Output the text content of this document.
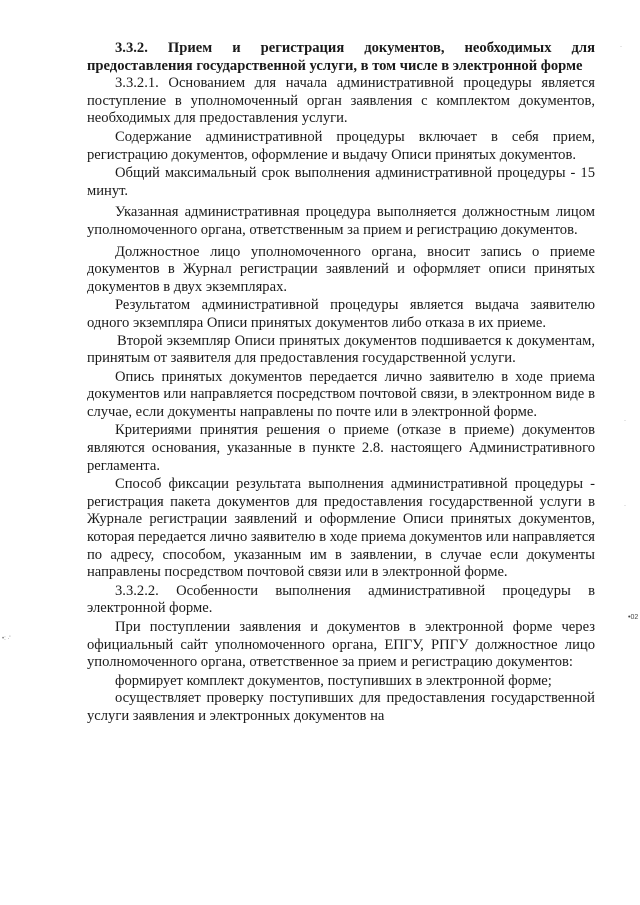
3.3.2. Прием и регистрация документов, необходимых для предоставления государственной услуги, в том числе в электронной форме

3.3.2.1. Основанием для начала административной процедуры является поступление в уполномоченный орган заявления с комплектом документов, необходимых для предоставления услуги.

Содержание административной процедуры включает в себя прием, регистрацию документов, оформление и выдачу Описи принятых документов.

Общий максимальный срок выполнения административной процедуры - 15 минут.

Указанная административная процедура выполняется должностным лицом уполномоченного органа, ответственным за прием и регистрацию документов.

Должностное лицо уполномоченного органа, вносит запись о приеме документов в Журнал регистрации заявлений и оформляет описи принятых документов в двух экземплярах.

Результатом административной процедуры является выдача заявителю одного экземпляра Описи принятых документов либо отказа в их приеме.

Второй экземпляр Описи принятых документов подшивается к документам, принятым от заявителя для предоставления государственной услуги.

Опись принятых документов передается лично заявителю в ходе приема документов или направляется посредством почтовой связи, в электронном виде в случае, если документы направлены по почте или в электронной форме.

Критериями принятия решения о приеме (отказе в приеме) документов являются основания, указанные в пункте 2.8. настоящего Административного регламента.

Способ фиксации результата выполнения административной процедуры - регистрация пакета документов для предоставления государственной услуги в Журнале регистрации заявлений и оформление Описи принятых документов, которая передается лично заявителю в ходе приема документов или направляется по адресу, способом, указанным им в заявлении, в случае если документы направлены посредством почтовой связи или в электронной форме.

3.3.2.2. Особенности выполнения административной процедуры в электронной форме.

При поступлении заявления и документов в электронной форме через официальный сайт уполномоченного органа, ЕПГУ, РПГУ должностное лицо уполномоченного органа, ответственное за прием и регистрацию документов:

формирует комплект документов, поступивших в электронной форме;

осуществляет проверку поступивших для предоставления государственной услуги заявления и электронных документов на

•02
•: ·'
·
·
·
